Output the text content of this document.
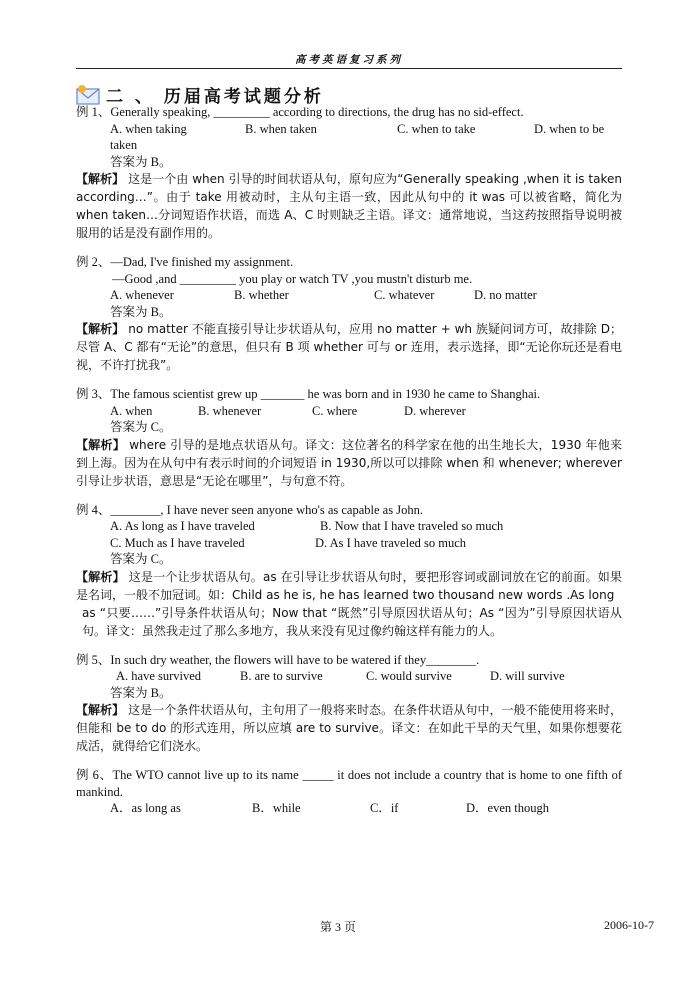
高考英语复习系列
二 、 历届高考试题分析
例 1、Generally speaking, _________ according to directions, the drug has no sid-effect.
A. when taking	B. when taken	C. when to take	D. when to be
taken
答案为 B。
【解析】 这是一个由 when 引导的时间状语从句，原句应为“Generally speaking ,when it is taken according…”。由于 take 用被动时，主从句主语一致，因此从句中的 it was 可以被省略，简化为 when taken…分词短语作状语，而选 A、C 时则缺乏主语。译文：通常地说，当这药按照指导说明被服用的话是没有副作用的。
例 2、—Dad, I've finished my assignment.
—Good ,and _________ you play or watch TV ,you mustn't disturb me.
A. whenever	B. whether	C. whatever	D. no matter
答案为 B。
【解析】 no matter 不能直接引导让步状语从句，应用 no matter + wh 族疑问词方可，故排除 D；尽管 A、C 都有“无论”的意思，但只有 B 项 whether 可与 or 连用，表示选择，即“无论你玩还是看电视，不许打扰我”。
例 3、The famous scientist grew up _______ he was born and in 1930 he came to Shanghai.
A. when	B. whenever	C. where	D. wherever
答案为 C。
【解析】 where 引导的是地点状语从句。译文：这位著名的科学家在他的出生地长大，1930 年他来到上海。因为在从句中有表示时间的介词短语 in 1930,所以可以排除 when 和 whenever; wherever 引导让步状语，意思是“无论在哪里”，与句意不符。
例 4、________, I have never seen anyone who's as capable as John.
A. As long as I have traveled	B. Now that I have traveled so much
C. Much as I have traveled	D. As I have traveled so much
答案为 C。
【解析】 这是一个让步状语从句。as 在引导让步状语从句时，要把形容词或副词放在它的前面。如果是名词，一般不加冠词。如：Child as he is, he has learned two thousand new words .As long
as “只要……”引导条件状语从句；Now that “既然”引导原因状语从句；As “因为”引导原因状语从句。译文：虽然我走过了那么多地方，我从来没有见过像约翰这样有能力的人。
例 5、In such dry weather, the flowers will have to be watered if they________.
A. have survived	B. are to survive	C. would survive	D. will survive
答案为 B。
【解析】 这是一个条件状语从句，主句用了一般将来时态。在条件状语从句中，一般不能使用将来时，但能和 be to do 的形式连用，所以应填 are to survive。译文：在如此干旱的天气里，如果你想要花成活，就得给它们浇水。
例 6、The WTO cannot live up to its name _____ it does not include a country that is home to one fifth of mankind.
A．as long as	B．while	C．if	D．even though
第 3 页	2006-10-7
